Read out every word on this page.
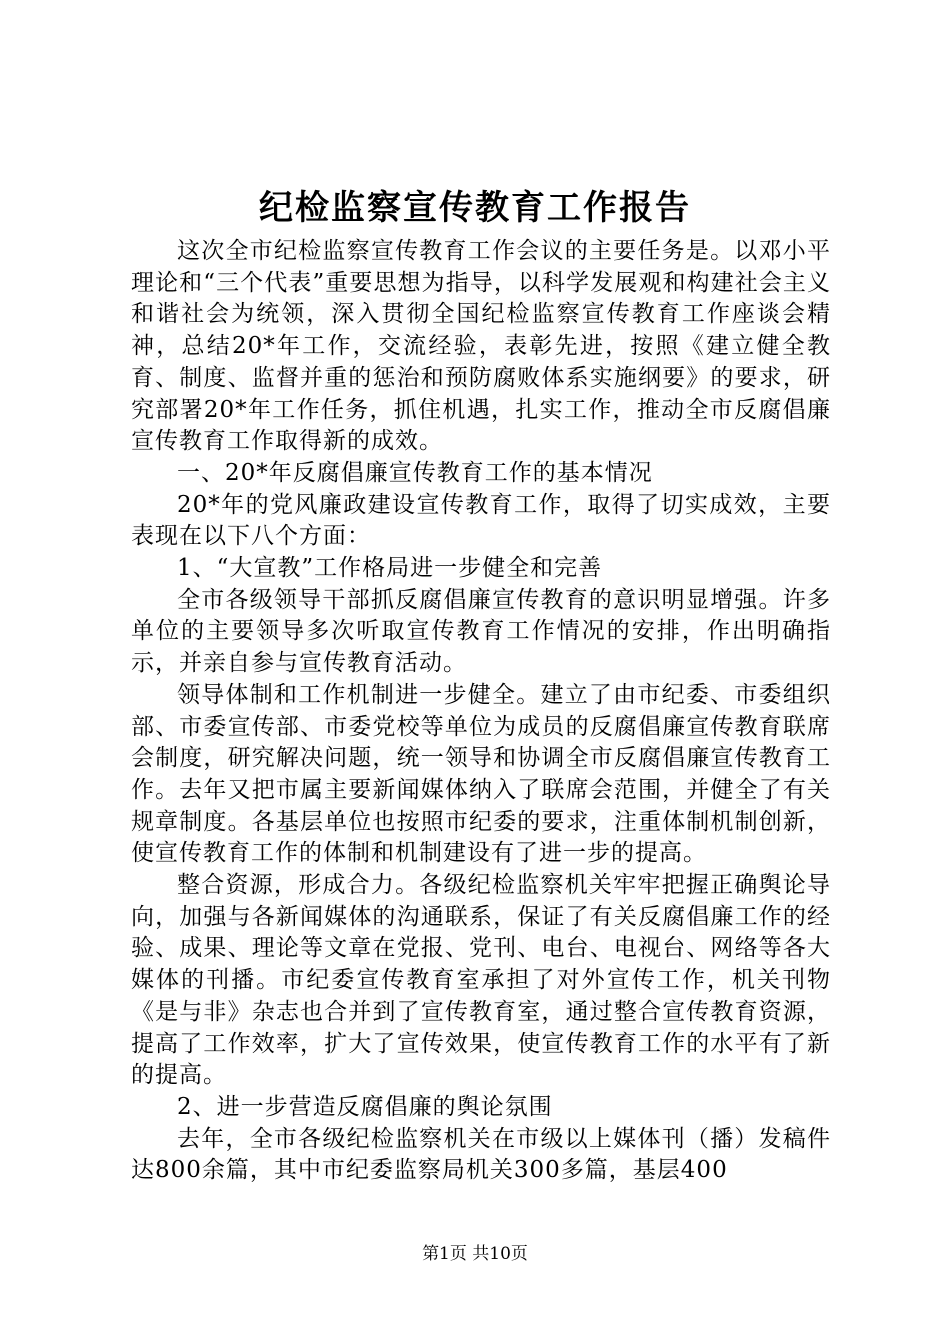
纪检监察宣传教育工作报告

这次全市纪检监察宣传教育工作会议的主要任务是。以邓小平理论和“三个代表”重要思想为指导，以科学发展观和构建社会主义和谐社会为统领，深入贯彻全国纪检监察宣传教育工作座谈会精神，总结20*年工作，交流经验，表彰先进，按照《建立健全教育、制度、监督并重的惩治和预防腐败体系实施纲要》的要求，研究部署20*年工作任务，抓住机遇，扎实工作，推动全市反腐倡廉宣传教育工作取得新的成效。

一、20*年反腐倡廉宣传教育工作的基本情况

20*年的党风廉政建设宣传教育工作，取得了切实成效，主要表现在以下八个方面：

1、“大宣教”工作格局进一步健全和完善

全市各级领导干部抓反腐倡廉宣传教育的意识明显增强。许多单位的主要领导多次听取宣传教育工作情况的安排，作出明确指示，并亲自参与宣传教育活动。

领导体制和工作机制进一步健全。建立了由市纪委、市委组织部、市委宣传部、市委党校等单位为成员的反腐倡廉宣传教育联席会制度，研究解决问题，统一领导和协调全市反腐倡廉宣传教育工作。去年又把市属主要新闻媒体纳入了联席会范围，并健全了有关规章制度。各基层单位也按照市纪委的要求，注重体制机制创新，使宣传教育工作的体制和机制建设有了进一步的提高。

整合资源，形成合力。各级纪检监察机关牢牢把握正确舆论导向，加强与各新闻媒体的沟通联系，保证了有关反腐倡廉工作的经验、成果、理论等文章在党报、党刊、电台、电视台、网络等各大媒体的刊播。市纪委宣传教育室承担了对外宣传工作，机关刊物《是与非》杂志也合并到了宣传教育室，通过整合宣传教育资源，提高了工作效率，扩大了宣传效果，使宣传教育工作的水平有了新的提高。

2、进一步营造反腐倡廉的舆论氛围

去年，全市各级纪检监察机关在市级以上媒体刊（播）发稿件达800余篇，其中市纪委监察局机关300多篇，基层400

第1页 共10页
